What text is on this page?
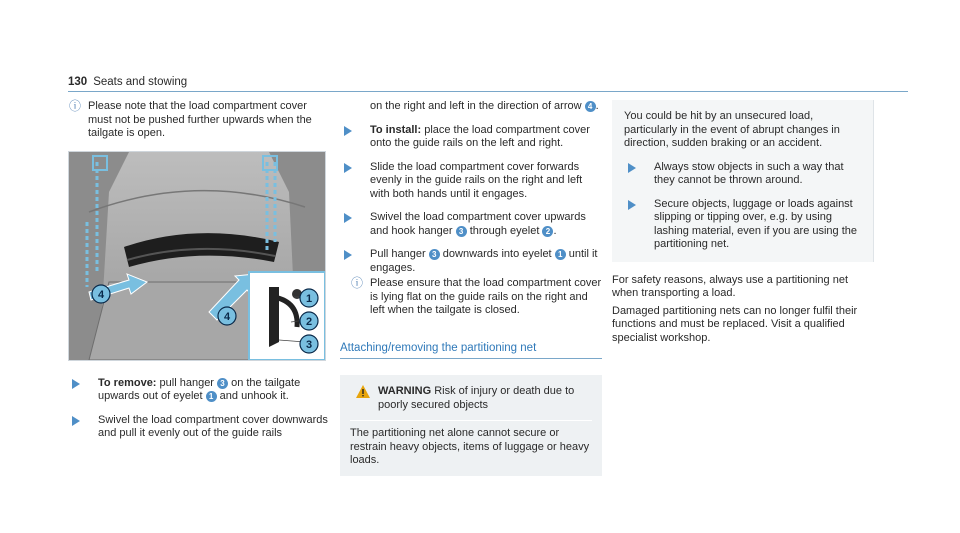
130 Seats and stowing
ⓘ Please note that the load compartment cover must not be pushed further upwards when the tailgate is open.

1
2
3
4
4

To remove: pull hanger 3 on the tailgate upwards out of eyelet 1 and unhook it.

Swivel the load compartment cover downwards and pull it evenly out of the guide rails

on the right and left in the direction of arrow 4 .

To install: place the load compartment cover onto the guide rails on the left and right.

Slide the load compartment cover forwards evenly in the guide rails on the right and left with both hands until it engages.

Swivel the load compartment cover upwards and hook hanger 3 through eyelet 2 .

Pull hanger 3 downwards into eyelet 1 until it engages.

ⓘ Please ensure that the load compartment cover is lying flat on the guide rails on the right and left when the tailgate is closed.

Attaching/removing the partitioning net
WARNING Risk of injury or death due to poorly secured objects

The partitioning net alone cannot secure or restrain heavy objects, items of luggage or heavy loads.

You could be hit by an unsecured load, particularly in the event of abrupt changes in direction, sudden braking or an accident.

Always stow objects in such a way that they cannot be thrown around.

Secure objects, luggage or loads against slipping or tipping over, e.g. by using lashing material, even if you are using the partitioning net.

For safety reasons, always use a partitioning net when transporting a load.

Damaged partitioning nets can no longer fulfil their functions and must be replaced. Visit a qualified specialist workshop.
